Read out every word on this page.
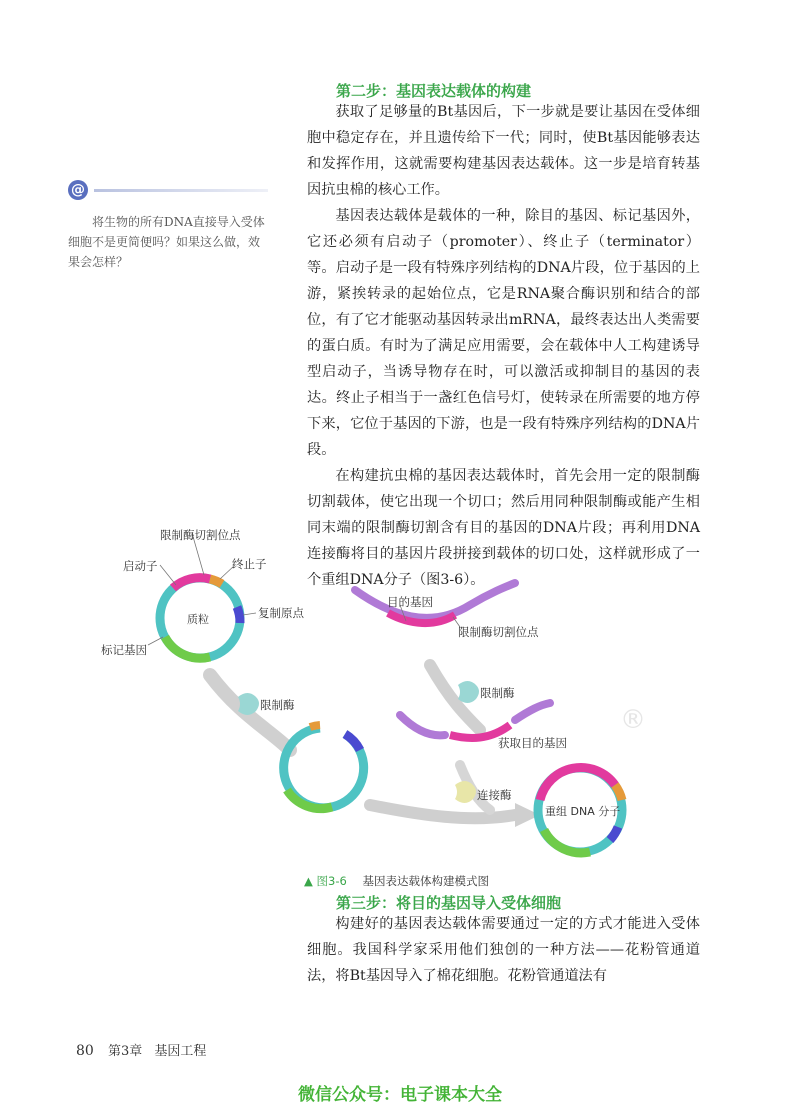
第二步：基因表达载体的构建

获取了足够量的Bt基因后，下一步就是要让基因在受体细胞中稳定存在，并且遗传给下一代；同时，使Bt基因能够表达和发挥作用，这就需要构建基因表达载体。这一步是培育转基因抗虫棉的核心工作。

基因表达载体是载体的一种，除目的基因、标记基因外，它还必须有启动子（promoter）、终止子（terminator）等。启动子是一段有特殊序列结构的DNA片段，位于基因的上游，紧挨转录的起始位点，它是RNA聚合酶识别和结合的部位，有了它才能驱动基因转录出mRNA，最终表达出人类需要的蛋白质。有时为了满足应用需要，会在载体中人工构建诱导型启动子，当诱导物存在时，可以激活或抑制目的基因的表达。终止子相当于一盏红色信号灯，使转录在所需要的地方停下来，它位于基因的下游，也是一段有特殊序列结构的DNA片段。

在构建抗虫棉的基因表达载体时，首先会用一定的限制酶切割载体，使它出现一个切口；然后用同种限制酶或能产生相同末端的限制酶切割含有目的基因的DNA片段；再利用DNA连接酶将目的基因片段拼接到载体的切口处，这样就形成了一个重组DNA分子（图3-6）。

@

将生物的所有DNA直接导入受体细胞不是更简便吗？如果这么做，效果会怎样？

质粒
重组 DNA 分子
限制酶切割位点
启动子	终止子
复制原点
标记基因
目的基因
限制酶切割位点
限制酶
限制酶
获取目的基因
连接酶
®
▲ 图3-6 基因表达载体构建模式图
第三步：将目的基因导入受体细胞

构建好的基因表达载体需要通过一定的方式才能进入受体细胞。我国科学家采用他们独创的一种方法——花粉管通道法，将Bt基因导入了棉花细胞。花粉管通道法有

80 第3章 基因工程
微信公众号：电子课本大全
